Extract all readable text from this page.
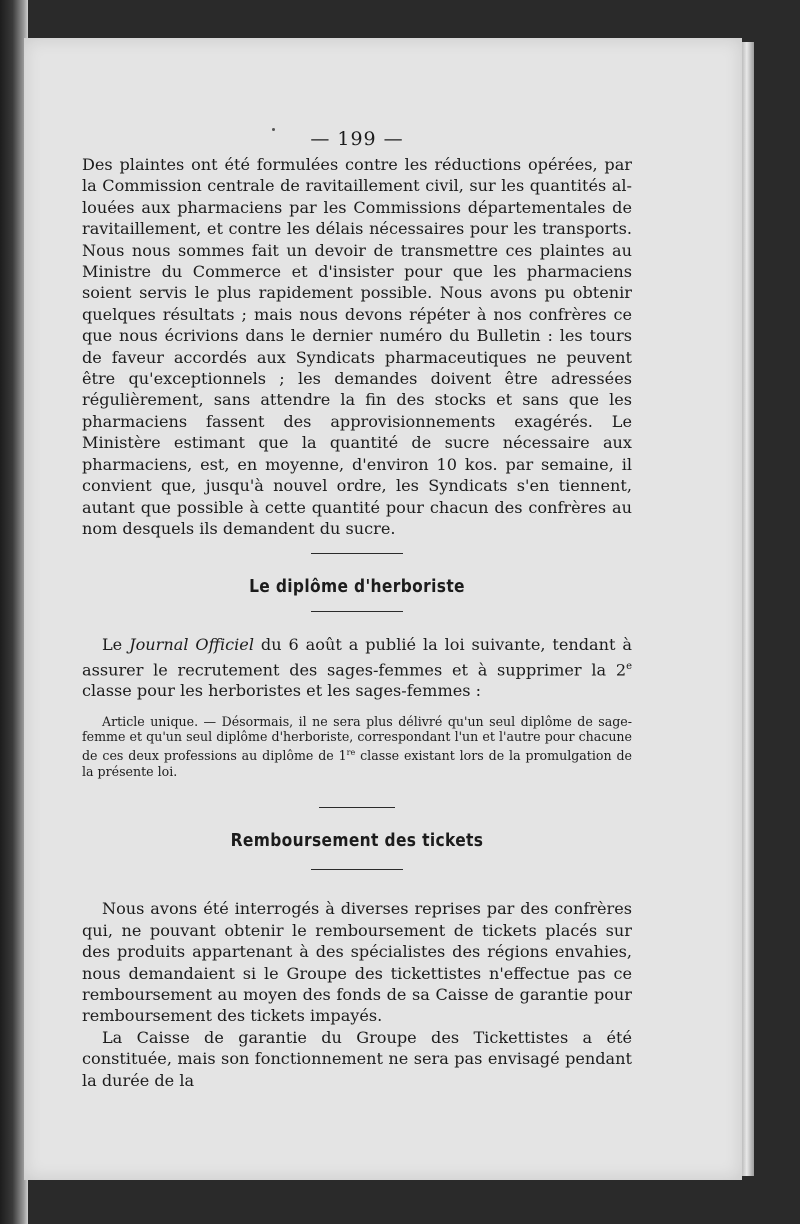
— 199 —

Des plaintes ont été formulées contre les réductions opérées, par la Commission centrale de ravitaillement civil, sur les quantités allouées aux pharmaciens par les Commissions départementales de ravitaillement, et contre les délais nécessaires pour les transports. Nous nous sommes fait un devoir de transmettre ces plaintes au Ministre du Commerce et d'insister pour que les pharmaciens soient servis le plus rapidement possible. Nous avons pu obtenir quelques résultats ; mais nous devons répéter à nos confrères ce que nous écrivions dans le dernier numéro du Bulletin : les tours de faveur accordés aux Syndicats pharmaceutiques ne peuvent être qu'exceptionnels ; les demandes doivent être adressées régulièrement, sans attendre la fin des stocks et sans que les pharmaciens fassent des approvisionnements exagérés. Le Ministère estimant que la quantité de sucre nécessaire aux pharmaciens, est, en moyenne, d'environ 10 kos. par semaine, il convient que, jusqu'à nouvel ordre, les Syndicats s'en tiennent, autant que possible à cette quantité pour chacun des confrères au nom desquels ils demandent du sucre.

Le diplôme d'herboriste

Le Journal Officiel du 6 août a publié la loi suivante, tendant à assurer le recrutement des sages-femmes et à supprimer la 2e classe pour les herboristes et les sages-femmes :

Article unique. — Désormais, il ne sera plus délivré qu'un seul diplôme de sage-femme et qu'un seul diplôme d'herboriste, correspondant l'un et l'autre pour chacune de ces deux professions au diplôme de 1re classe existant lors de la promulgation de la présente loi.

Remboursement des tickets

Nous avons été interrogés à diverses reprises par des confrères qui, ne pouvant obtenir le remboursement de tickets placés sur des produits appartenant à des spécialistes des régions envahies, nous demandaient si le Groupe des tickettistes n'effectue pas ce remboursement au moyen des fonds de sa Caisse de garantie pour remboursement des tickets impayés.

La Caisse de garantie du Groupe des Tickettistes a été constituée, mais son fonctionnement ne sera pas envisagé pendant la durée de la
